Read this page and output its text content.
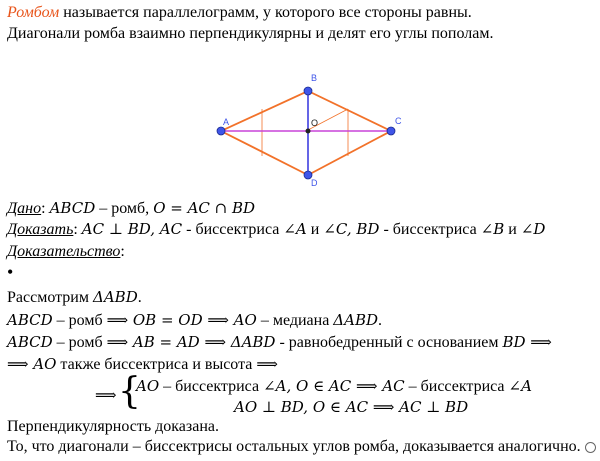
Ромбом называется параллелограмм, у которого все стороны равны.
Диагонали ромба взаимно перпендикулярны и делят его углы пополам.
A
B
C
D
O
Дано: ABCD – ромб, O = AC ∩ BD
Доказать: AC ⊥ BD, AC - биссектриса ∠A и ∠C, BD - биссектриса ∠B и ∠D
Доказательство:
•
Рассмотрим ΔABD.
ABCD – ромб ⟹ OB = OD ⟹ AO – медиана ΔABD.
ABCD – ромб ⟹ AB = AD ⟹ ΔABD - равнобедренный с основанием BD ⟹
⟹ AO также биссектриса и высота ⟹
⟹ {
AO – биссектриса ∠A, O ∈ AC ⟹ AC – биссектриса ∠A
AO ⊥ BD, O ∈ AC ⟹ AC ⊥ BD
Перпендикулярность доказана.
То, что диагонали – биссектрисы остальных углов ромба, доказывается аналогично.
